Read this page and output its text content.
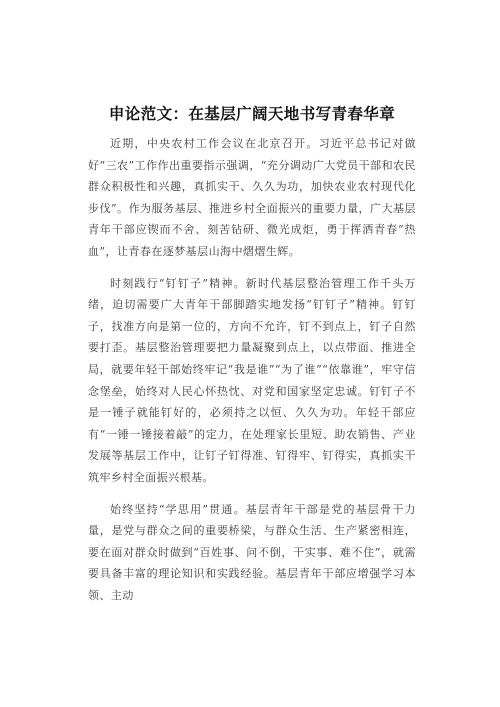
申论范文：在基层广阔天地书写青春华章

近期，中央农村工作会议在北京召开。习近平总书记对做好“三农”工作作出重要指示强调，“充分调动广大党员干部和农民群众积极性和兴趣，真抓实干、久久为功，加快农业农村现代化步伐”。作为服务基层、推进乡村全面振兴的重要力量，广大基层青年干部应锲而不舍、刻苦钻研、微光成炬，勇于挥洒青春“热血”，让青春在逐梦基层山海中熠熠生辉。

时刻践行“钉钉子”精神。新时代基层整治管理工作千头万绪，迫切需要广大青年干部脚踏实地发扬“钉钉子”精神。钉钉子，找准方向是第一位的，方向不允许，钉不到点上，钉子自然要打歪。基层整治管理要把力量凝聚到点上，以点带面、推进全局，就要年轻干部始终牢记“我是谁”“为了谁”“依靠谁”，牢守信念堡垒，始终对人民心怀热忱、对党和国家坚定忠诚。钉钉子不是一锤子就能钉好的，必须持之以恒、久久为功。年轻干部应有“一锤一锤接着敲”的定力，在处理家长里短、助农销售、产业发展等基层工作中，让钉子钉得准、钉得牢、钉得实，真抓实干筑牢乡村全面振兴根基。

始终坚持“学思用”贯通。基层青年干部是党的基层骨干力量，是党与群众之间的重要桥梁，与群众生活、生产紧密相连，要在面对群众时做到“百姓事、问不倒，干实事、难不住”，就需要具备丰富的理论知识和实践经验。基层青年干部应增强学习本领、主动
